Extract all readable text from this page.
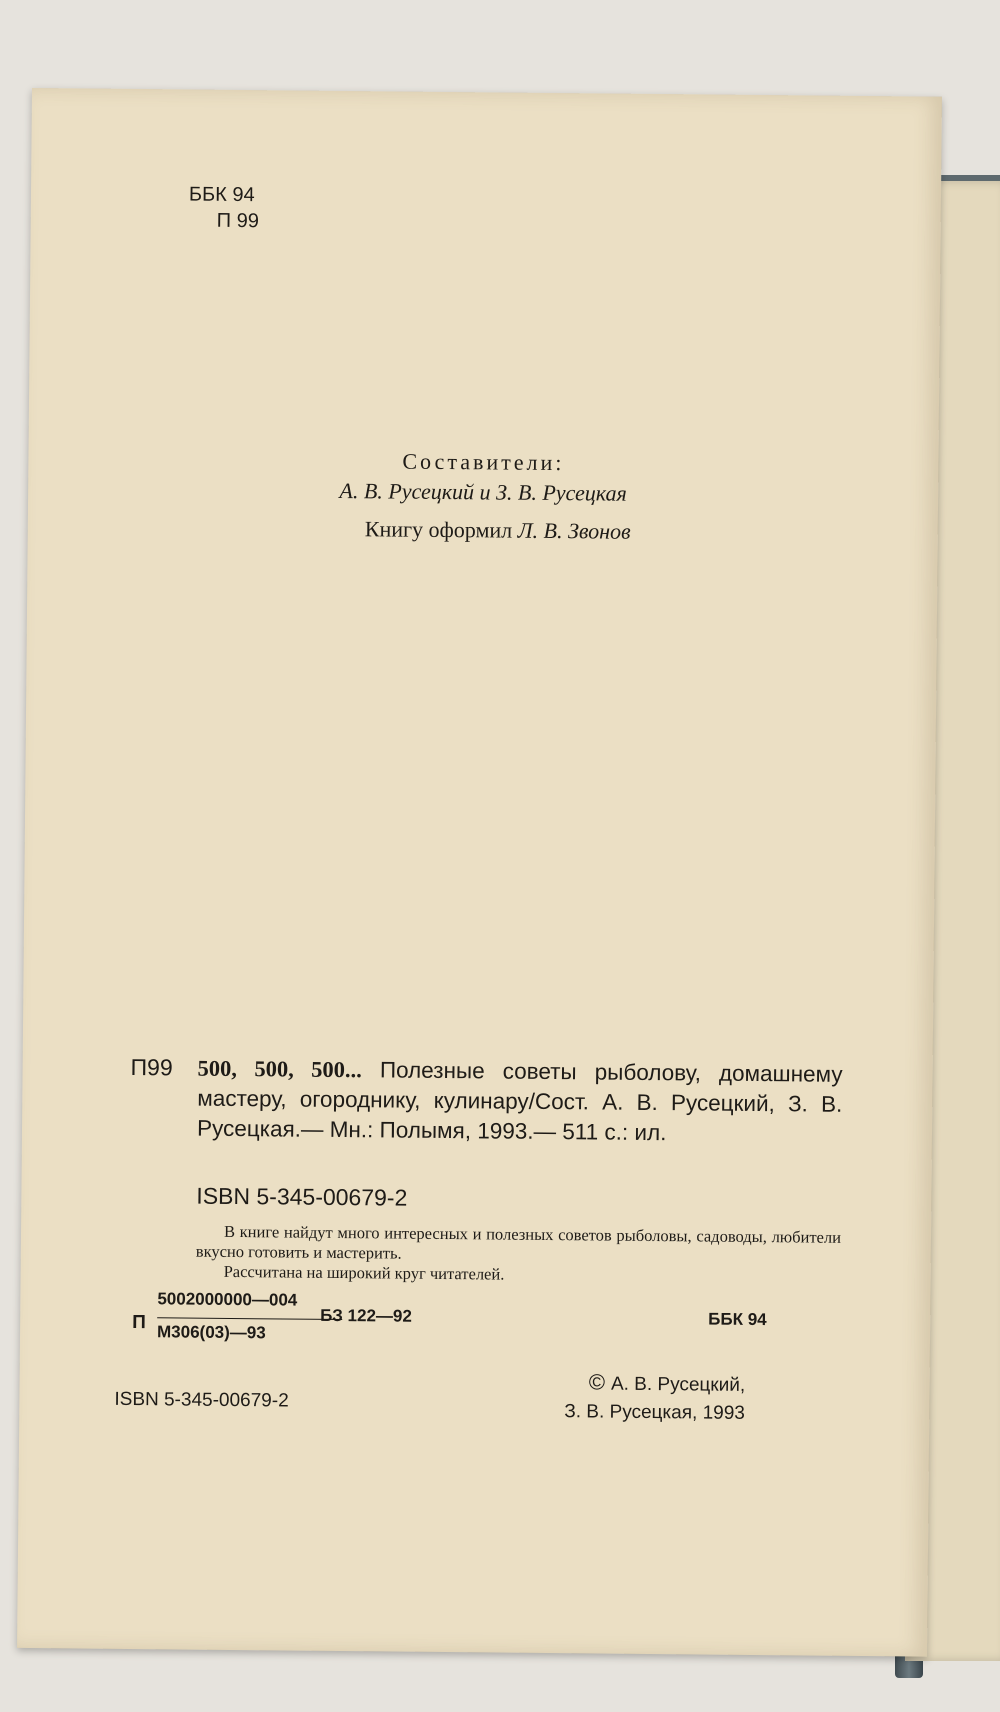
ББК 94
П 99
Составители:
А. В. Русецкий и З. В. Русецкая
Книгу оформил Л. В. Звонов
П99 500, 500, 500... Полезные советы рыболову, домашнему мастеру, огороднику, кулинару/Сост. А. В. Русецкий, З. В. Русецкая.— Мн.: Полымя, 1993.— 511 с.: ил.
ISBN 5-345-00679-2

В книге найдут много интересных и полезных советов рыболовы, садоводы, любители вкусно готовить и мастерить.

Рассчитана на широкий круг читателей.

П
5002000000—004
М306(03)—93
БЗ 122—92	ББК 94
ISBN 5-345-00679-2
© А. В. Русецкий,
З. В. Русецкая, 1993
